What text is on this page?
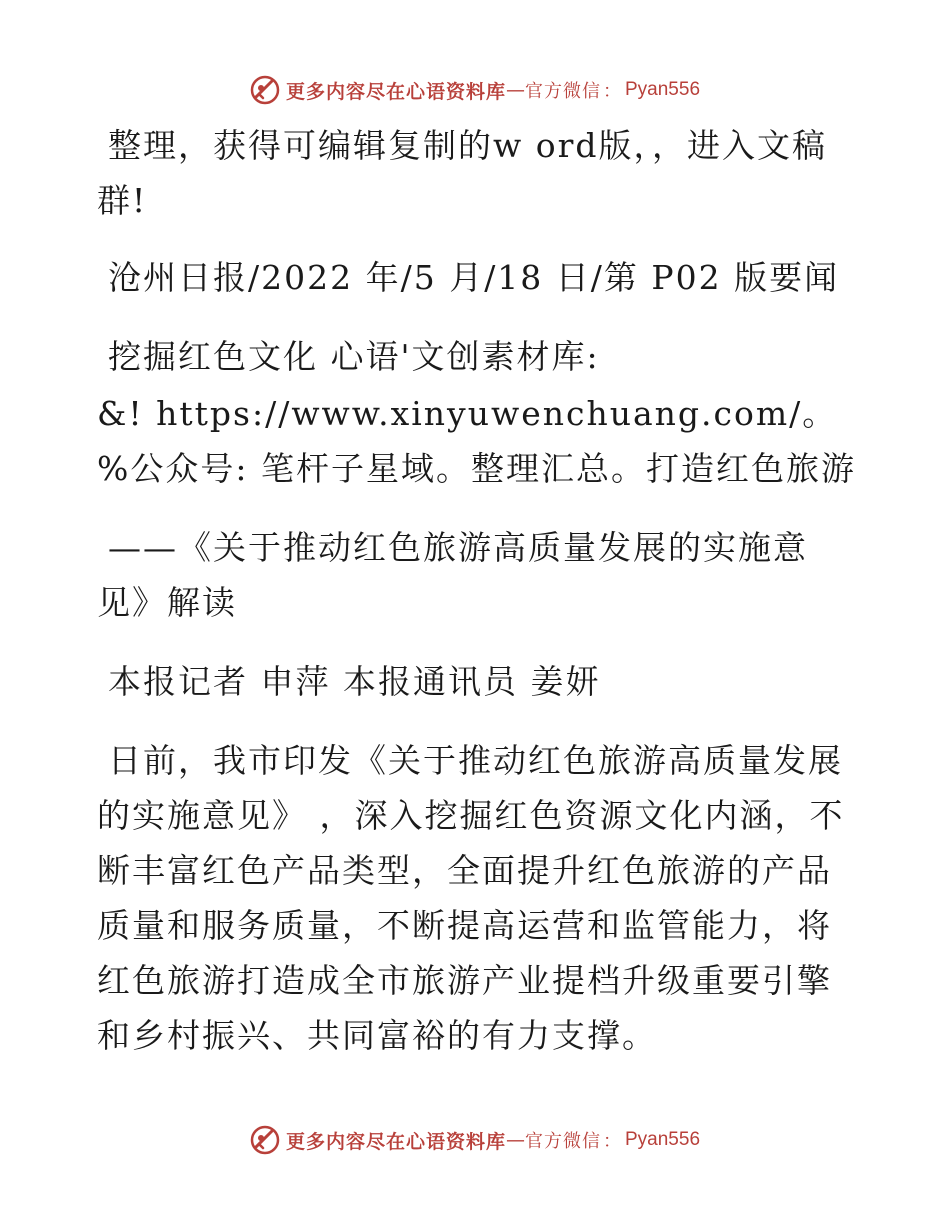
更多内容尽在心语资料库 — 官方微信 ： Pyan556

整理，获得可编辑复制的w ord版，，进入文稿群!

沧州日报/2022 年/5 月/18 日/第 P02 版要闻

挖掘红色文化 心语'文创素材库:

&! https://www.xinyuwenchuang.com/。%公众号: 笔杆子星域。整理汇总。打造红色旅游

——《关于推动红色旅游高质量发展的实施意见》解读

本报记者 申萍 本报通讯员 姜妍

日前，我市印发《关于推动红色旅游高质量发展的实施意见》 ，深入挖掘红色资源文化内涵，不断丰富红色产品类型，全面提升红色旅游的产品质量和服务质量，不断提高运营和监管能力，将红色旅游打造成全市旅游产业提档升级重要引擎和乡村振兴、共同富裕的有力支撑。

更多内容尽在心语资料库 — 官方微信 ： Pyan556
